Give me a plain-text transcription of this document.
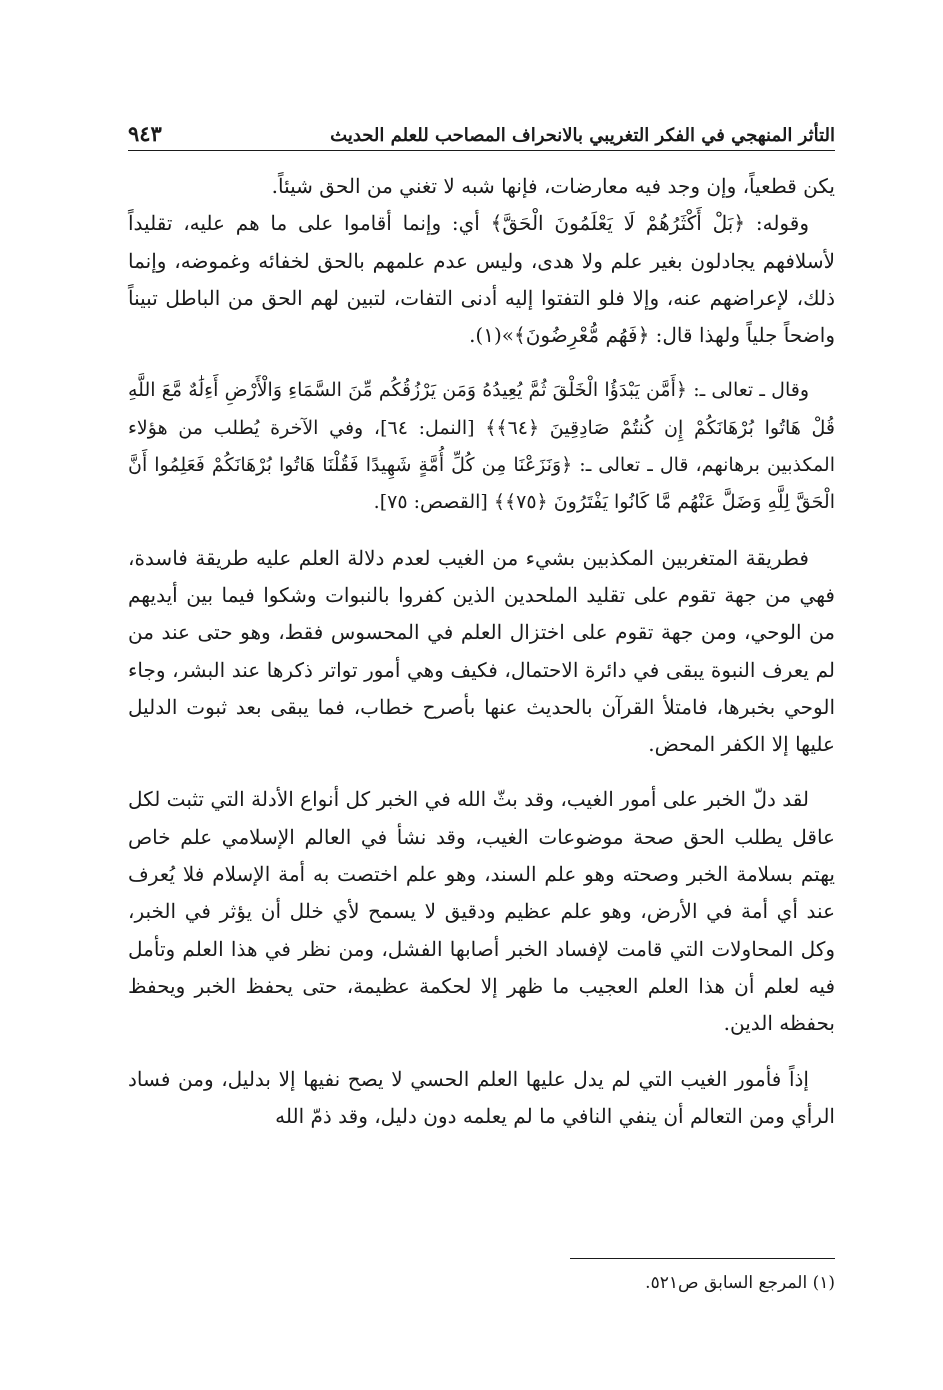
التأثر المنهجي في الفكر التغريبي بالانحراف المصاحب للعلم الحديث
٩٤٣

يكن قطعياً، وإن وجد فيه معارضات، فإنها شبه لا تغني من الحق شيئاً.

وقوله: ﴿بَلْ أَكْثَرُهُمْ لَا يَعْلَمُونَ الْحَقَّ﴾ أي: وإنما أقاموا على ما هم عليه، تقليداً لأسلافهم يجادلون بغير علم ولا هدى، وليس عدم علمهم بالحق لخفائه وغموضه، وإنما ذلك، لإعراضهم عنه، وإلا فلو التفتوا إليه أدنى التفات، لتبين لهم الحق من الباطل تبيناً واضحاً جلياً ولهذا قال: ﴿فَهُم مُّعْرِضُونَ﴾»(١).

وقال ـ تعالى ـ: ﴿أَمَّن يَبْدَؤُا الْخَلْقَ ثُمَّ يُعِيدُهُ وَمَن يَرْزُقُكُم مِّنَ السَّمَاءِ وَالْأَرْضِ أَءِلَٰهٌ مَّعَ اللَّهِ قُلْ هَاتُوا بُرْهَانَكُمْ إِن كُنتُمْ صَادِقِينَ ﴿٦٤﴾﴾ [النمل: ٦٤]، وفي الآخرة يُطلب من هؤلاء المكذبين برهانهم، قال ـ تعالى ـ: ﴿وَنَزَعْنَا مِن كُلِّ أُمَّةٍ شَهِيدًا فَقُلْنَا هَاتُوا بُرْهَانَكُمْ فَعَلِمُوا أَنَّ الْحَقَّ لِلَّهِ وَضَلَّ عَنْهُم مَّا كَانُوا يَفْتَرُونَ ﴿٧٥﴾﴾ [القصص: ٧٥].

فطريقة المتغربين المكذبين بشيء من الغيب لعدم دلالة العلم عليه طريقة فاسدة، فهي من جهة تقوم على تقليد الملحدين الذين كفروا بالنبوات وشكوا فيما بين أيديهم من الوحي، ومن جهة تقوم على اختزال العلم في المحسوس فقط، وهو حتى عند من لم يعرف النبوة يبقى في دائرة الاحتمال، فكيف وهي أمور تواتر ذكرها عند البشر، وجاء الوحي بخبرها، فامتلأ القرآن بالحديث عنها بأصرح خطاب، فما يبقى بعد ثبوت الدليل عليها إلا الكفر المحض.

لقد دلّ الخبر على أمور الغيب، وقد بثّ الله في الخبر كل أنواع الأدلة التي تثبت لكل عاقل يطلب الحق صحة موضوعات الغيب، وقد نشأ في العالم الإسلامي علم خاص يهتم بسلامة الخبر وصحته وهو علم السند، وهو علم اختصت به أمة الإسلام فلا يُعرف عند أي أمة في الأرض، وهو علم عظيم ودقيق لا يسمح لأي خلل أن يؤثر في الخبر، وكل المحاولات التي قامت لإفساد الخبر أصابها الفشل، ومن نظر في هذا العلم وتأمل فيه لعلم أن هذا العلم العجيب ما ظهر إلا لحكمة عظيمة، حتى يحفظ الخبر ويحفظ بحفظه الدين.

إذاً فأمور الغيب التي لم يدل عليها العلم الحسي لا يصح نفيها إلا بدليل، ومن فساد الرأي ومن التعالم أن ينفي النافي ما لم يعلمه دون دليل، وقد ذمّ الله

(١) المرجع السابق ص٥٢١.
